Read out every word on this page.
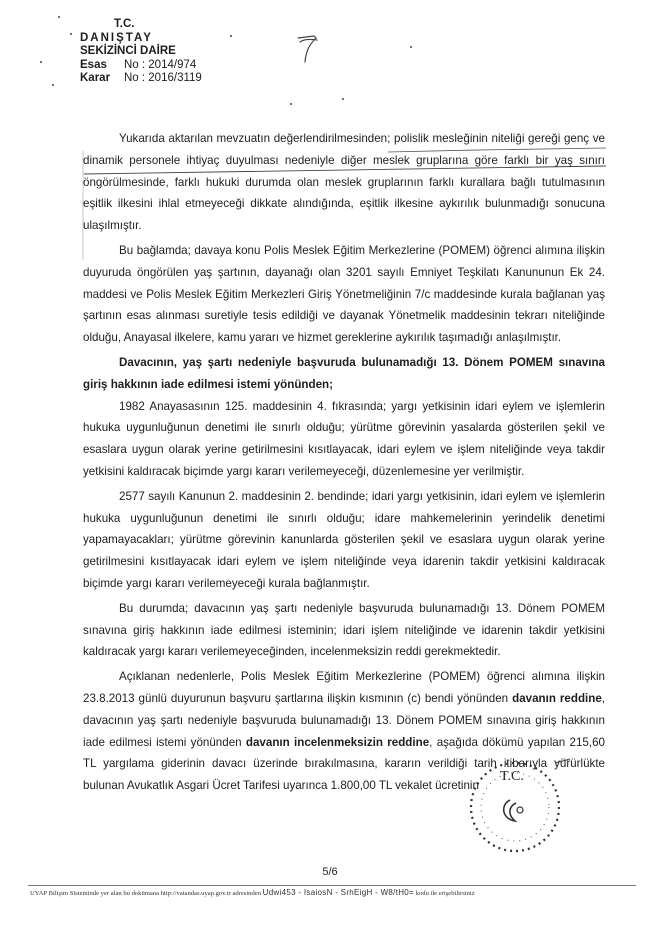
T.C.
DANIŞTAY
SEKİZİNCİ DAİRE
Esas	No : 2014/974
Karar	No : 2016/3119

Yukarıda aktarılan mevzuatın değerlendirilmesinden; polislik mesleğinin niteliği gereği genç ve dinamik personele ihtiyaç duyulması nedeniyle diğer meslek gruplarına göre farklı bir yaş sınırı öngörülmesinde, farklı hukuki durumda olan meslek gruplarının farklı kurallara bağlı tutulmasının eşitlik ilkesini ihlal etmeyeceği dikkate alındığında, eşitlik ilkesine aykırılık bulunmadığı sonucuna ulaşılmıştır.

Bu bağlamda; davaya konu Polis Meslek Eğitim Merkezlerine (POMEM) öğrenci alımına ilişkin duyuruda öngörülen yaş şartının, dayanağı olan 3201 sayılı Emniyet Teşkilatı Kanununun Ek 24. maddesi ve Polis Meslek Eğitim Merkezleri Giriş Yönetmeliğinin 7/c maddesinde kurala bağlanan yaş şartının esas alınması suretiyle tesis edildiği ve dayanak Yönetmelik maddesinin tekrarı niteliğinde olduğu, Anayasal ilkelere, kamu yararı ve hizmet gereklerine aykırılık taşımadığı anlaşılmıştır.

Davacının, yaş şartı nedeniyle başvuruda bulunamadığı 13. Dönem POMEM sınavına giriş hakkının iade edilmesi istemi yönünden;

1982 Anayasasının 125. maddesinin 4. fıkrasında; yargı yetkisinin idari eylem ve işlemlerin hukuka uygunluğunun denetimi ile sınırlı olduğu; yürütme görevinin yasalarda gösterilen şekil ve esaslara uygun olarak yerine getirilmesini kısıtlayacak, idari eylem ve işlem niteliğinde veya takdir yetkisini kaldıracak biçimde yargı kararı verilemeyeceği, düzenlemesine yer verilmiştir.

2577 sayılı Kanunun 2. maddesinin 2. bendinde; idari yargı yetkisinin, idari eylem ve işlemlerin hukuka uygunluğunun denetimi ile sınırlı olduğu; idare mahkemelerinin yerindelik denetimi yapamayacakları; yürütme görevinin kanunlarda gösterilen şekil ve esaslara uygun olarak yerine getirilmesini kısıtlayacak idari eylem ve işlem niteliğinde veya idarenin takdir yetkisini kaldıracak biçimde yargı kararı verilemeyeceği kurala bağlanmıştır.

Bu durumda; davacının yaş şartı nedeniyle başvuruda bulunamadığı 13. Dönem POMEM sınavına giriş hakkının iade edilmesi isteminin; idari işlem niteliğinde ve idarenin takdir yetkisini kaldıracak yargı kararı verilemeyeceğinden, incelenmeksizin reddi gerekmektedir.

Açıklanan nedenlerle, Polis Meslek Eğitim Merkezlerine (POMEM) öğrenci alımına ilişkin 23.8.2013 günlü duyurunun başvuru şartlarına ilişkin kısmının (c) bendi yönünden davanın reddine, davacının yaş şartı nedeniyle başvuruda bulunamadığı 13. Dönem POMEM sınavına giriş hakkının iade edilmesi istemi yönünden davanın incelenmeksizin reddine, aşağıda dökümü yapılan 215,60 TL yargılama giderinin davacı üzerinde bırakılmasına, kararın verildiği tarih itibarıyla yürürlükte bulunan Avukatlık Asgari Ücret Tarifesi uyarınca 1.800,00 TL vekalet ücretinin

T.C.
5/6
UYAP Bilişim Sisteminde yer alan bu dokümana http://vatandas.uyap.gov.tr adresinden Udwi453 - IsaiosN - SrhEigH - W8/tH0= kodu ile erişebilirsiniz
